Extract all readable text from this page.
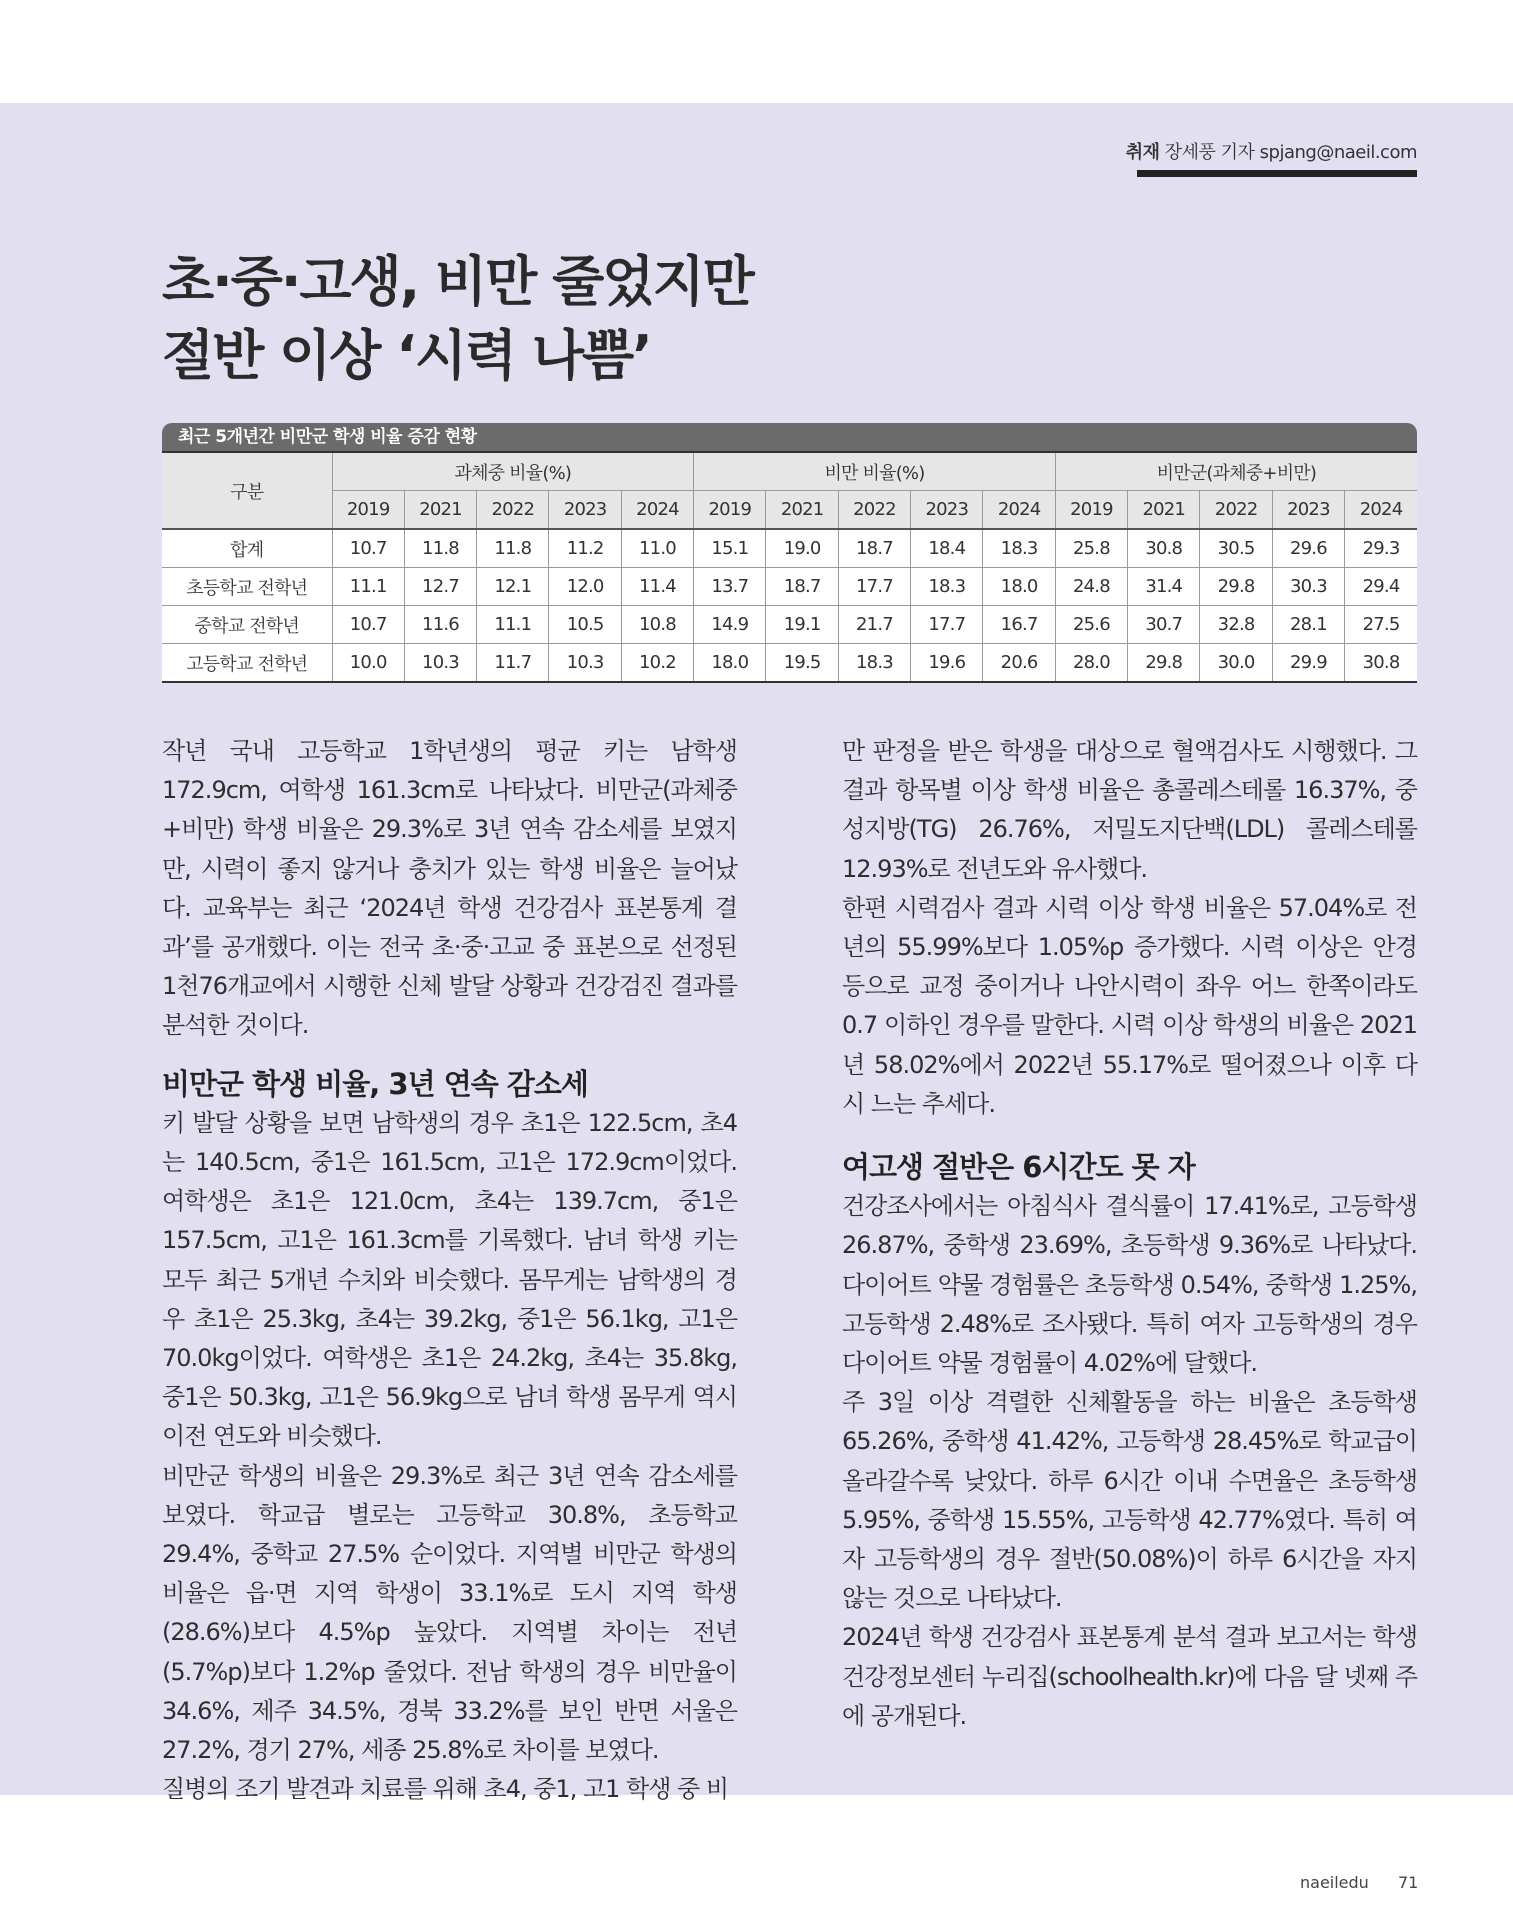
취재 장세풍 기자 spjang@naeil.com
초·중·고생, 비만 줄었지만
절반 이상 ‘시력 나쁨’
최근 5개년간 비만군 학생 비율 증감 현황
구분	과체중 비율(%)					비만 비율(%)					비만군(과체중+비만)				
	2019	2021	2022	2023	2024	2019	2021	2022	2023	2024	2019	2021	2022	2023	2024
합계	10.7	11.8	11.8	11.2	11.0	15.1	19.0	18.7	18.4	18.3	25.8	30.8	30.5	29.6	29.3
초등학교 전학년	11.1	12.7	12.1	12.0	11.4	13.7	18.7	17.7	18.3	18.0	24.8	31.4	29.8	30.3	29.4
중학교 전학년	10.7	11.6	11.1	10.5	10.8	14.9	19.1	21.7	17.7	16.7	25.6	30.7	32.8	28.1	27.5
고등학교 전학년	10.0	10.3	11.7	10.3	10.2	18.0	19.5	18.3	19.6	20.6	28.0	29.8	30.0	29.9	30.8

작년 국내 고등학교 1학년생의 평균 키는 남학생 172.9cm, 여학생 161.3cm로 나타났다. 비만군(과체중+비만) 학생 비율은 29.3%로 3년 연속 감소세를 보였지만, 시력이 좋지 않거나 충치가 있는 학생 비율은 늘어났다. 교육부는 최근 ‘2024년 학생 건강검사 표본통계 결과’를 공개했다. 이는 전국 초·중·고교 중 표본으로 선정된 1천76개교에서 시행한 신체 발달 상황과 건강검진 결과를 분석한 것이다.

비만군 학생 비율, 3년 연속 감소세

키 발달 상황을 보면 남학생의 경우 초1은 122.5cm, 초4는 140.5cm, 중1은 161.5cm, 고1은 172.9cm이었다. 여학생은 초1은 121.0cm, 초4는 139.7cm, 중1은 157.5cm, 고1은 161.3cm를 기록했다. 남녀 학생 키는 모두 최근 5개년 수치와 비슷했다. 몸무게는 남학생의 경우 초1은 25.3kg, 초4는 39.2kg, 중1은 56.1kg, 고1은 70.0kg이었다. 여학생은 초1은 24.2kg, 초4는 35.8kg, 중1은 50.3kg, 고1은 56.9kg으로 남녀 학생 몸무게 역시 이전 연도와 비슷했다.

비만군 학생의 비율은 29.3%로 최근 3년 연속 감소세를 보였다. 학교급 별로는 고등학교 30.8%, 초등학교 29.4%, 중학교 27.5% 순이었다. 지역별 비만군 학생의 비율은 읍·면 지역 학생이 33.1%로 도시 지역 학생(28.6%)보다 4.5%p 높았다. 지역별 차이는 전년(5.7%p)보다 1.2%p 줄었다. 전남 학생의 경우 비만율이 34.6%, 제주 34.5%, 경북 33.2%를 보인 반면 서울은 27.2%, 경기 27%, 세종 25.8%로 차이를 보였다.

질병의 조기 발견과 치료를 위해 초4, 중1, 고1 학생 중 비

만 판정을 받은 학생을 대상으로 혈액검사도 시행했다. 그 결과 항목별 이상 학생 비율은 총콜레스테롤 16.37%, 중성지방(TG) 26.76%, 저밀도지단백(LDL) 콜레스테롤 12.93%로 전년도와 유사했다.

한편 시력검사 결과 시력 이상 학생 비율은 57.04%로 전년의 55.99%보다 1.05%p 증가했다. 시력 이상은 안경 등으로 교정 중이거나 나안시력이 좌우 어느 한쪽이라도 0.7 이하인 경우를 말한다. 시력 이상 학생의 비율은 2021년 58.02%에서 2022년 55.17%로 떨어졌으나 이후 다시 느는 추세다.

여고생 절반은 6시간도 못 자

건강조사에서는 아침식사 결식률이 17.41%로, 고등학생 26.87%, 중학생 23.69%, 초등학생 9.36%로 나타났다. 다이어트 약물 경험률은 초등학생 0.54%, 중학생 1.25%, 고등학생 2.48%로 조사됐다. 특히 여자 고등학생의 경우 다이어트 약물 경험률이 4.02%에 달했다.

주 3일 이상 격렬한 신체활동을 하는 비율은 초등학생 65.26%, 중학생 41.42%, 고등학생 28.45%로 학교급이 올라갈수록 낮았다. 하루 6시간 이내 수면율은 초등학생 5.95%, 중학생 15.55%, 고등학생 42.77%였다. 특히 여자 고등학생의 경우 절반(50.08%)이 하루 6시간을 자지 않는 것으로 나타났다.

2024년 학생 건강검사 표본통계 분석 결과 보고서는 학생건강정보센터 누리집(schoolhealth.kr)에 다음 달 넷째 주에 공개된다.

naeiledu 71
